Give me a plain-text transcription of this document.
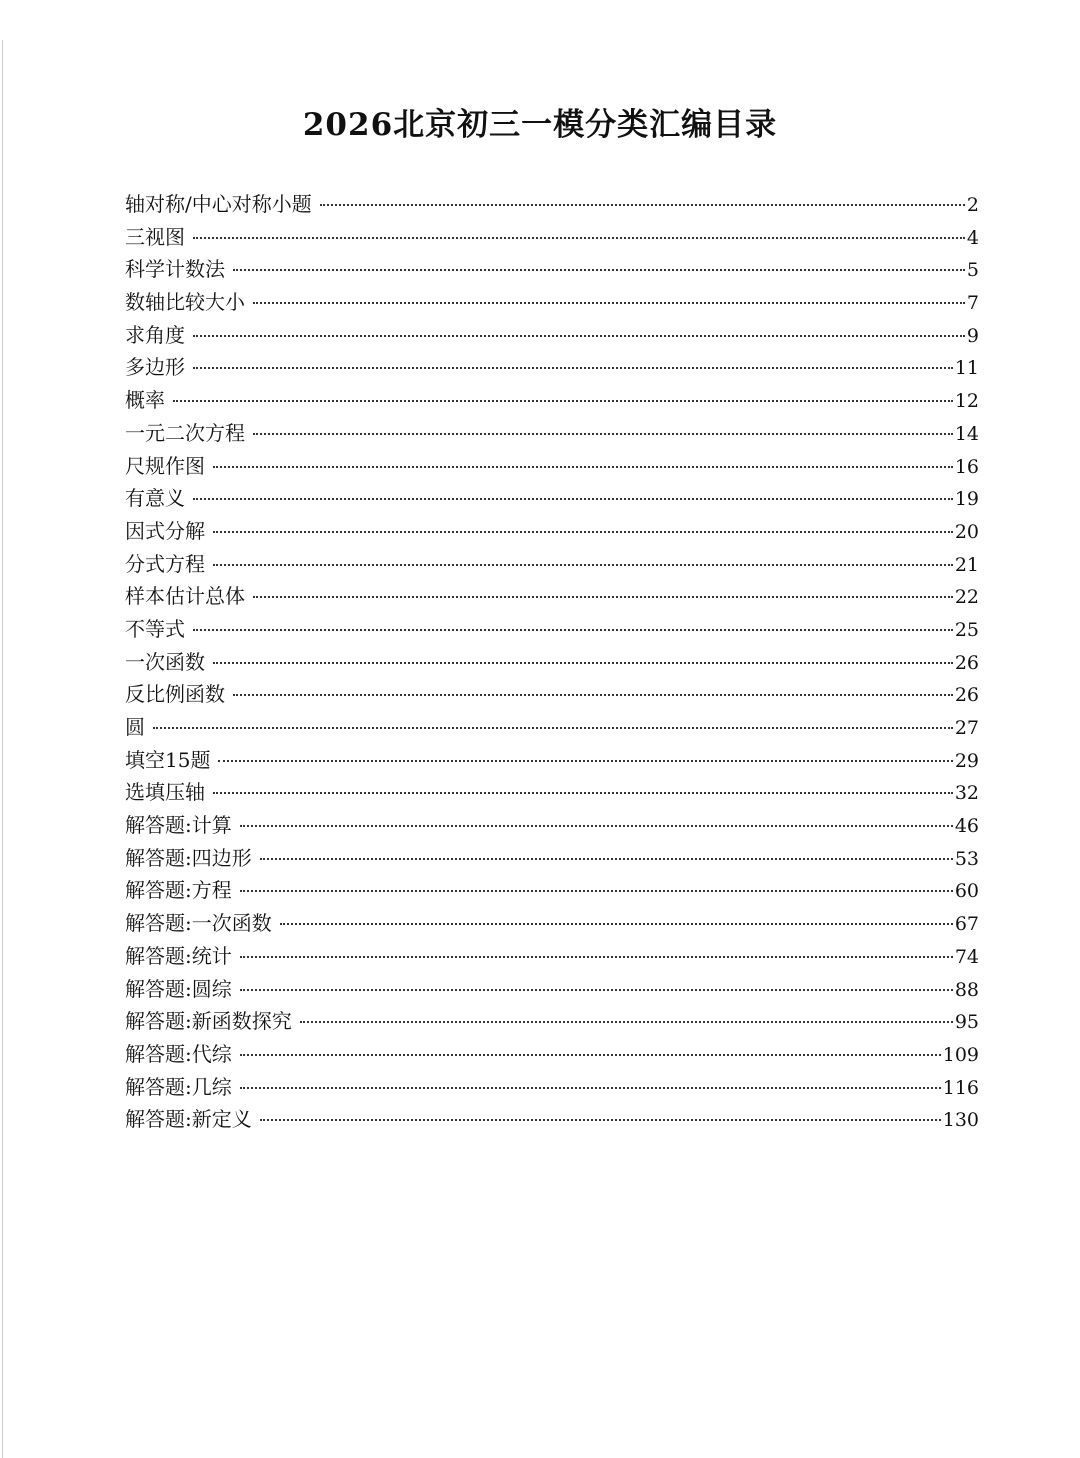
2026北京初三一模分类汇编目录
轴对称/中心对称小题	2
三视图	4
科学计数法	5
数轴比较大小	7
求角度	9
多边形	11
概率	12
一元二次方程	14
尺规作图	16
有意义	19
因式分解	20
分式方程	21
样本估计总体	22
不等式	25
一次函数	26
反比例函数	26
圆	27
填空15题	29
选填压轴	32
解答题:计算	46
解答题:四边形	53
解答题:方程	60
解答题:一次函数	67
解答题:统计	74
解答题:圆综	88
解答题:新函数探究	95
解答题:代综	109
解答题:几综	116
解答题:新定义	130
